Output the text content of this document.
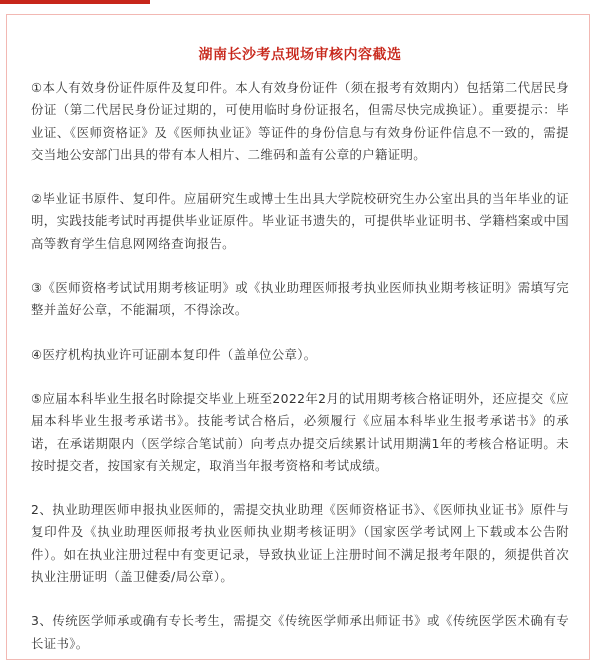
湖南长沙考点现场审核内容截选

①本人有效身份证件原件及复印件。本人有效身份证件（须在报考有效期内）包括第二代居民身份证（第二代居民身份证过期的，可使用临时身份证报名，但需尽快完成换证）。重要提示：毕业证、《医师资格证》及《医师执业证》等证件的身份信息与有效身份证件信息不一致的，需提交当地公安部门出具的带有本人相片、二维码和盖有公章的户籍证明。

②毕业证书原件、复印件。应届研究生或博士生出具大学院校研究生办公室出具的当年毕业的证明，实践技能考试时再提供毕业证原件。毕业证书遗失的，可提供毕业证明书、学籍档案或中国高等教育学生信息网网络查询报告。

③《医师资格考试试用期考核证明》或《执业助理医师报考执业医师执业期考核证明》需填写完整并盖好公章，不能漏项，不得涂改。

④医疗机构执业许可证副本复印件（盖单位公章）。

⑤应届本科毕业生报名时除提交毕业上班至2022年2月的试用期考核合格证明外，还应提交《应届本科毕业生报考承诺书》。技能考试合格后，必须履行《应届本科毕业生报考承诺书》的承诺，在承诺期限内（医学综合笔试前）向考点办提交后续累计试用期满1年的考核合格证明。未按时提交者，按国家有关规定，取消当年报考资格和考试成绩。

2、执业助理医师申报执业医师的，需提交执业助理《医师资格证书》、《医师执业证书》原件与复印件及《执业助理医师报考执业医师执业期考核证明》（国家医学考试网上下载或本公告附件）。如在执业注册过程中有变更记录，导致执业证上注册时间不满足报考年限的，须提供首次执业注册证明（盖卫健委/局公章）。

3、传统医学师承或确有专长考生，需提交《传统医学师承出师证书》或《传统医学医术确有专长证书》。
